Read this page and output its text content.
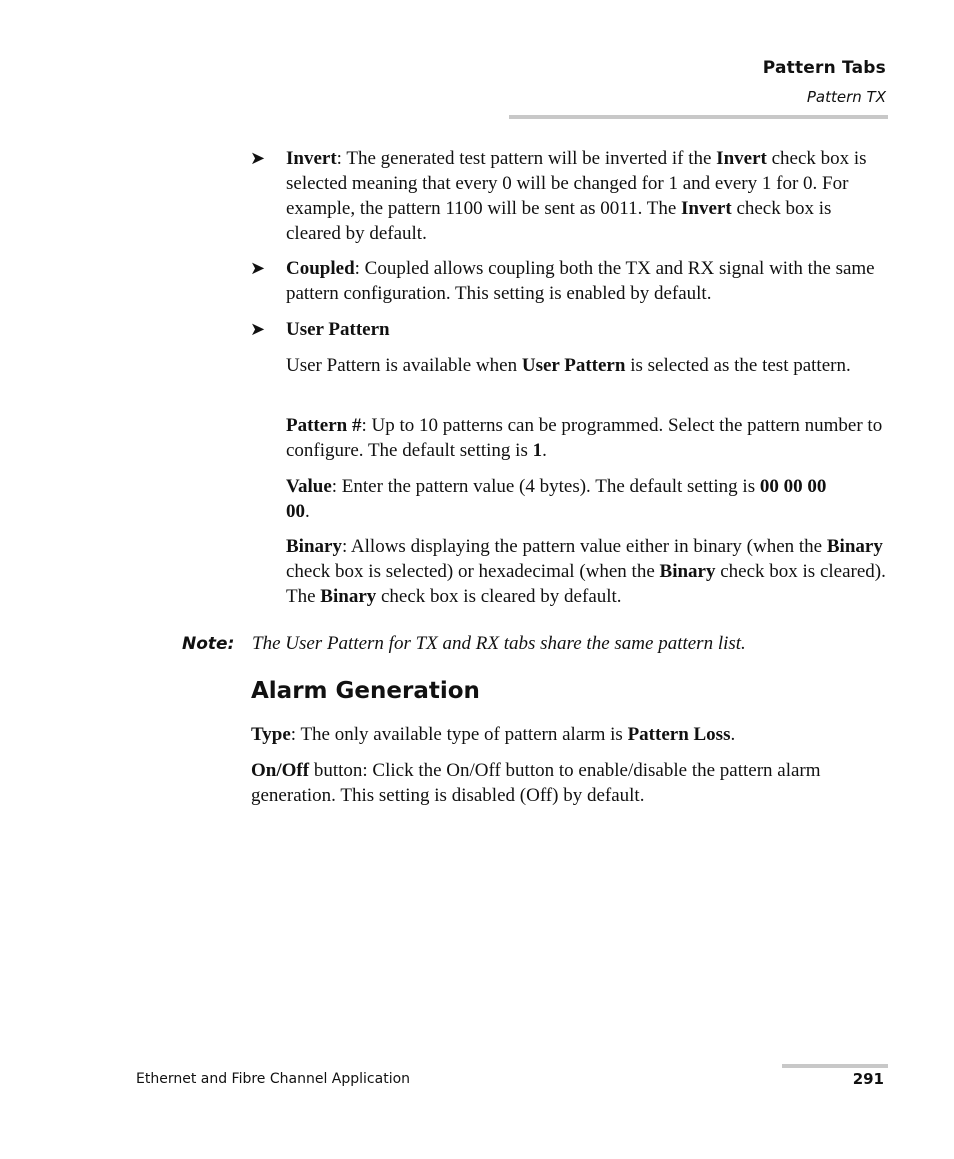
Pattern Tabs
Pattern TX
➤ Invert: The generated test pattern will be inverted if the Invert check box is selected meaning that every 0 will be changed for 1 and every 1 for 0. For example, the pattern 1100 will be sent as 0011. The Invert check box is cleared by default.
➤ Coupled: Coupled allows coupling both the TX and RX signal with the same pattern configuration. This setting is enabled by default.
➤ User Pattern
User Pattern is available when User Pattern is selected as the test pattern.
Pattern #: Up to 10 patterns can be programmed. Select the pattern number to configure. The default setting is 1.
Value: Enter the pattern value (4 bytes). The default setting is 00 00 00 00.
Binary: Allows displaying the pattern value either in binary (when the Binary check box is selected) or hexadecimal (when the Binary check box is cleared). The Binary check box is cleared by default.
Note: The User Pattern for TX and RX tabs share the same pattern list.
Alarm Generation
Type: The only available type of pattern alarm is Pattern Loss.
On/Off button: Click the On/Off button to enable/disable the pattern alarm generation. This setting is disabled (Off) by default.
Ethernet and Fibre Channel Application	291
